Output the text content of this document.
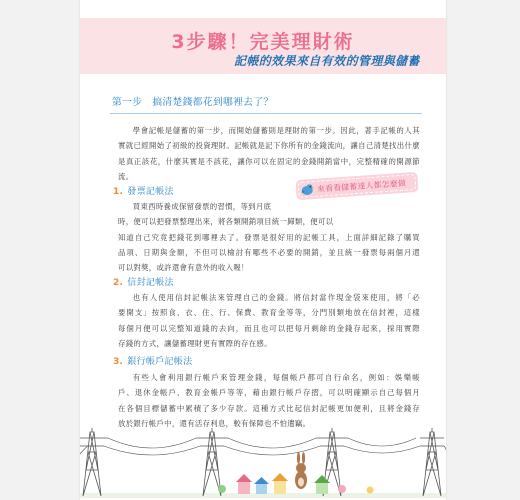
3步驟！完美理財術
記帳的效果來自有效的管理與儲蓄
第一步 搞清楚錢都花到哪裡去了？
學會記帳是儲蓄的第一步，而開始儲蓄則是理財的第一步。因此，著手記帳的人其
實就已經開始了初級的投資理財。記帳就是記下你所有的金錢流向，讓自己清楚找出什麼
是真正該花，什麼其實是不該花，讓你可以在固定的金錢開銷當中，完整精確的開源節
流。
1. 發票記帳法	來看看儲蓄達人都怎麼做
買東西時養成保留發票的習慣，等到月底
時，便可以把發票整理出來，將各類開銷項目統一歸類，便可以
知道自己究竟把錢花到哪裡去了。發票是很好用的記帳工具，上面詳細記錄了購買
品項、日期與金額，不但可以檢討有哪些不必要的開銷，並且統一發票每兩個月還
可以對獎，或許還會有意外的收入喔！
2. 信封記帳法
也有人使用信封記帳法來管理自己的金錢。將信封當作現金袋來使用，將「必
要開支」按照食、衣、住、行、保費、教育金等等，分門別類地放在信封裡，這樣
每個月便可以完整知道錢的去向，而且也可以把每月剩餘的金錢存起來，採用實際
存錢的方式，讓儲蓄理財更有實際的存在感。
3. 銀行帳戶記帳法
有些人會利用銀行帳戶來管理金錢，每個帳戶都可自行命名，例如：娛樂帳
戶、退休金帳戶、教育金帳戶等等，藉由銀行帳戶存摺，可以明確顯示自己每個月
在各個目標儲蓄中累積了多少存款。這種方式比起信封記帳更加便利，且將金錢存
放於銀行帳戶中，還有活存利息，較有保障也不怕遺竊。
